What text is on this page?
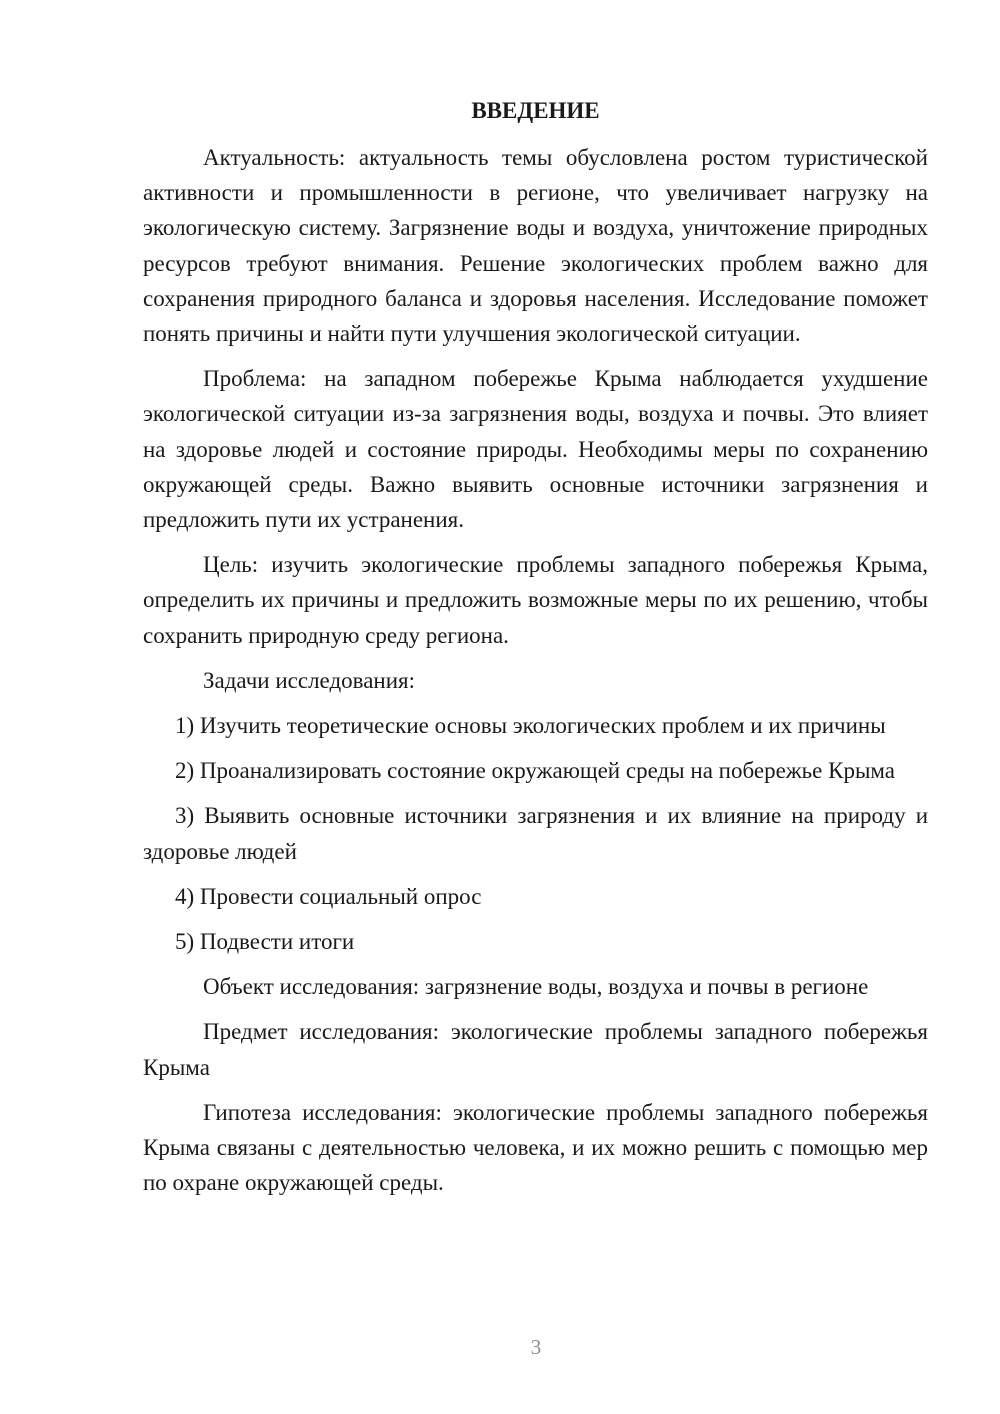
ВВЕДЕНИЕ

Актуальность: актуальность темы обусловлена ростом туристической активности и промышленности в регионе, что увеличивает нагрузку на экологическую систему. Загрязнение воды и воздуха, уничтожение природных ресурсов требуют внимания. Решение экологических проблем важно для сохранения природного баланса и здоровья населения. Исследование поможет понять причины и найти пути улучшения экологической ситуации.

Проблема: на западном побережье Крыма наблюдается ухудшение экологической ситуации из-за загрязнения воды, воздуха и почвы. Это влияет на здоровье людей и состояние природы. Необходимы меры по сохранению окружающей среды. Важно выявить основные источники загрязнения и предложить пути их устранения.

Цель: изучить экологические проблемы западного побережья Крыма, определить их причины и предложить возможные меры по их решению, чтобы сохранить природную среду региона.

Задачи исследования:

1) Изучить теоретические основы экологических проблем и их причины

2) Проанализировать состояние окружающей среды на побережье Крыма

3) Выявить основные источники загрязнения и их влияние на природу и здоровье людей

4) Провести социальный опрос

5) Подвести итоги

Объект исследования: загрязнение воды, воздуха и почвы в регионе

Предмет исследования: экологические проблемы западного побережья Крыма

Гипотеза исследования: экологические проблемы западного побережья Крыма связаны с деятельностью человека, и их можно решить с помощью мер по охране окружающей среды.

3
